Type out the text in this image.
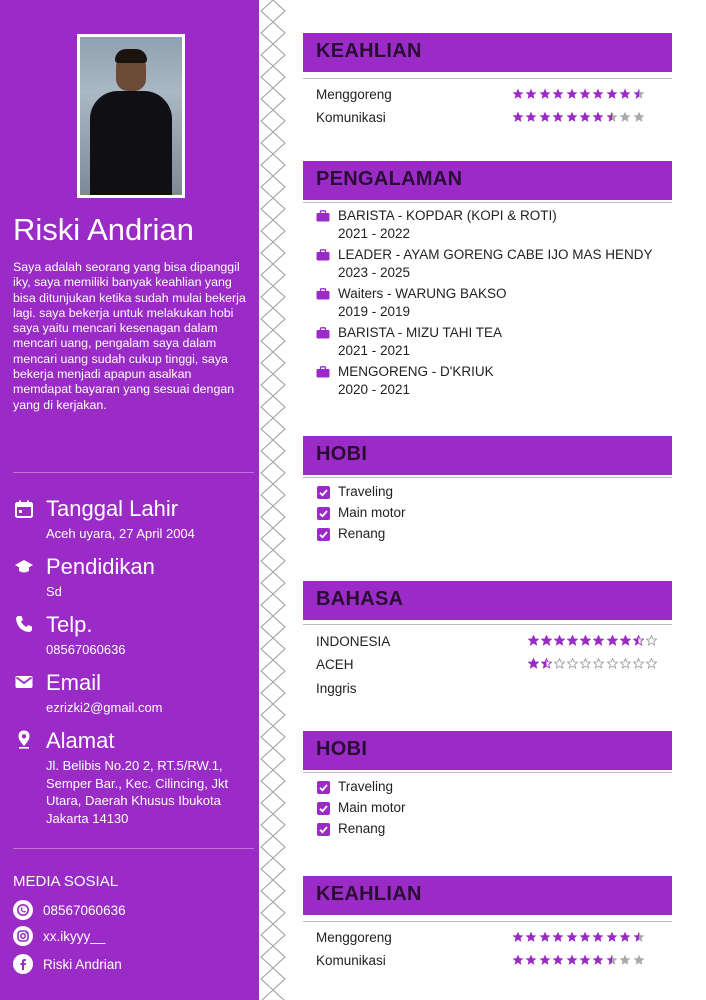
Riski Andrian
Saya adalah seorang yang bisa dipanggil iky, saya memiliki banyak keahlian yang bisa ditunjukan ketika sudah mulai bekerja lagi. saya bekerja untuk melakukan hobi saya yaitu mencari kesenagan dalam mencari uang, pengalam saya dalam mencari uang sudah cukup tinggi, saya bekerja menjadi apapun asalkan memdapat bayaran yang sesuai dengan yang di kerjakan.
Tanggal Lahir
Aceh uyara, 27 April 2004
Pendidikan
Sd
Telp.
08567060636
Email
ezrizki2@gmail.com
Alamat
Jl. Belibis No.20 2, RT.5/RW.1,
Semper Bar., Kec. Cilincing, Jkt
Utara, Daerah Khusus Ibukota
Jakarta 14130
MEDIA SOSIAL
08567060636
xx.ikyyy__
Riski Andrian
KEAHLIAN
Menggoreng
Komunikasi
PENGALAMAN
BARISTA - KOPDAR (KOPI & ROTI)
2021 - 2022
LEADER - AYAM GORENG CABE IJO MAS HENDY
2023 - 2025
Waiters - WARUNG BAKSO
2019 - 2019
BARISTA - MIZU TAHI TEA
2021 - 2021
MENGORENG - D'KRIUK
2020 - 2021
HOBI
Traveling
Main motor
Renang
BAHASA
INDONESIA
ACEH
Inggris
HOBI
Traveling
Main motor
Renang
KEAHLIAN
Menggoreng
Komunikasi
